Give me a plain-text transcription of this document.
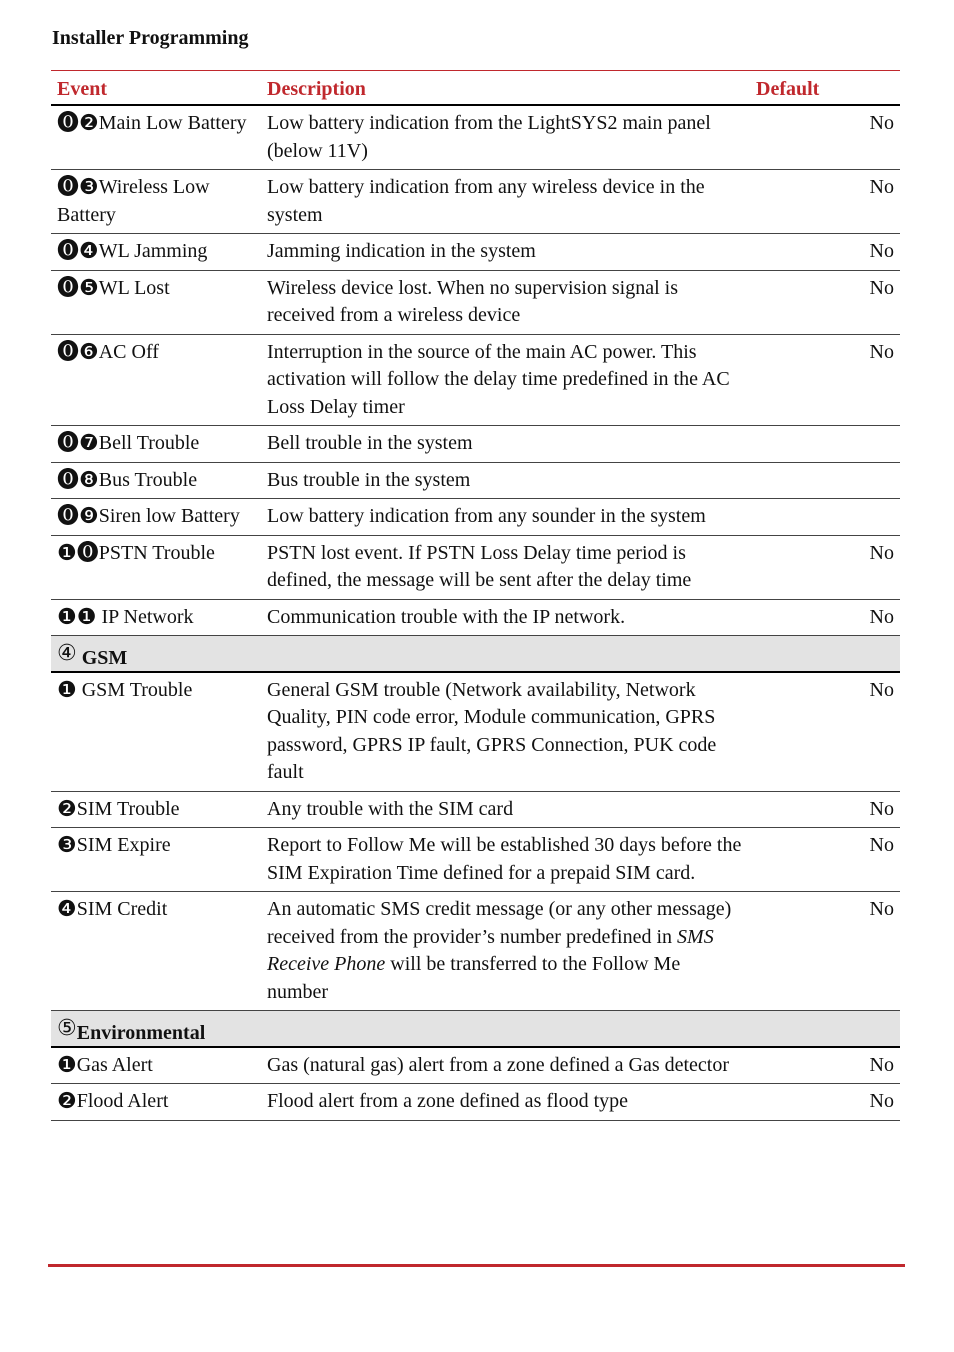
Installer Programming
Event	Description	Default
⓿❷Main Low Battery	Low battery indication from the LightSYS2 main panel (below 11V)	No
⓿❸Wireless Low Battery	Low battery indication from any wireless device in the system	No
⓿❹WL Jamming	Jamming indication in the system	No
⓿❺WL Lost	Wireless device lost. When no supervision signal is received from a wireless device	No
⓿❻AC Off	Interruption in the source of the main AC power. This activation will follow the delay time predefined in the AC Loss Delay timer	No
⓿❼Bell Trouble	Bell trouble in the system	
⓿❽Bus Trouble	Bus trouble in the system	
⓿❾Siren low Battery	Low battery indication from any sounder in the system	
❶⓿PSTN Trouble	PSTN lost event. If PSTN Loss Delay time period is defined, the message will be sent after the delay time	No
❶❶ IP Network	Communication trouble with the IP network.	No
④ GSM		
❶ GSM Trouble	General GSM trouble (Network availability, Network Quality, PIN code error, Module communication, GPRS password, GPRS IP fault, GPRS Connection, PUK code fault	No
❷SIM Trouble	Any trouble with the SIM card	No
❸SIM Expire	Report to Follow Me will be established 30 days before the SIM Expiration Time defined for a prepaid SIM card.	No
❹SIM Credit	An automatic SMS credit message (or any other message) received from the provider’s number predefined in SMS Receive Phone will be transferred to the Follow Me number	No
⑤Environmental		
❶Gas Alert	Gas (natural gas) alert from a zone defined a Gas detector	No
❷Flood Alert	Flood alert from a zone defined as flood type	No
